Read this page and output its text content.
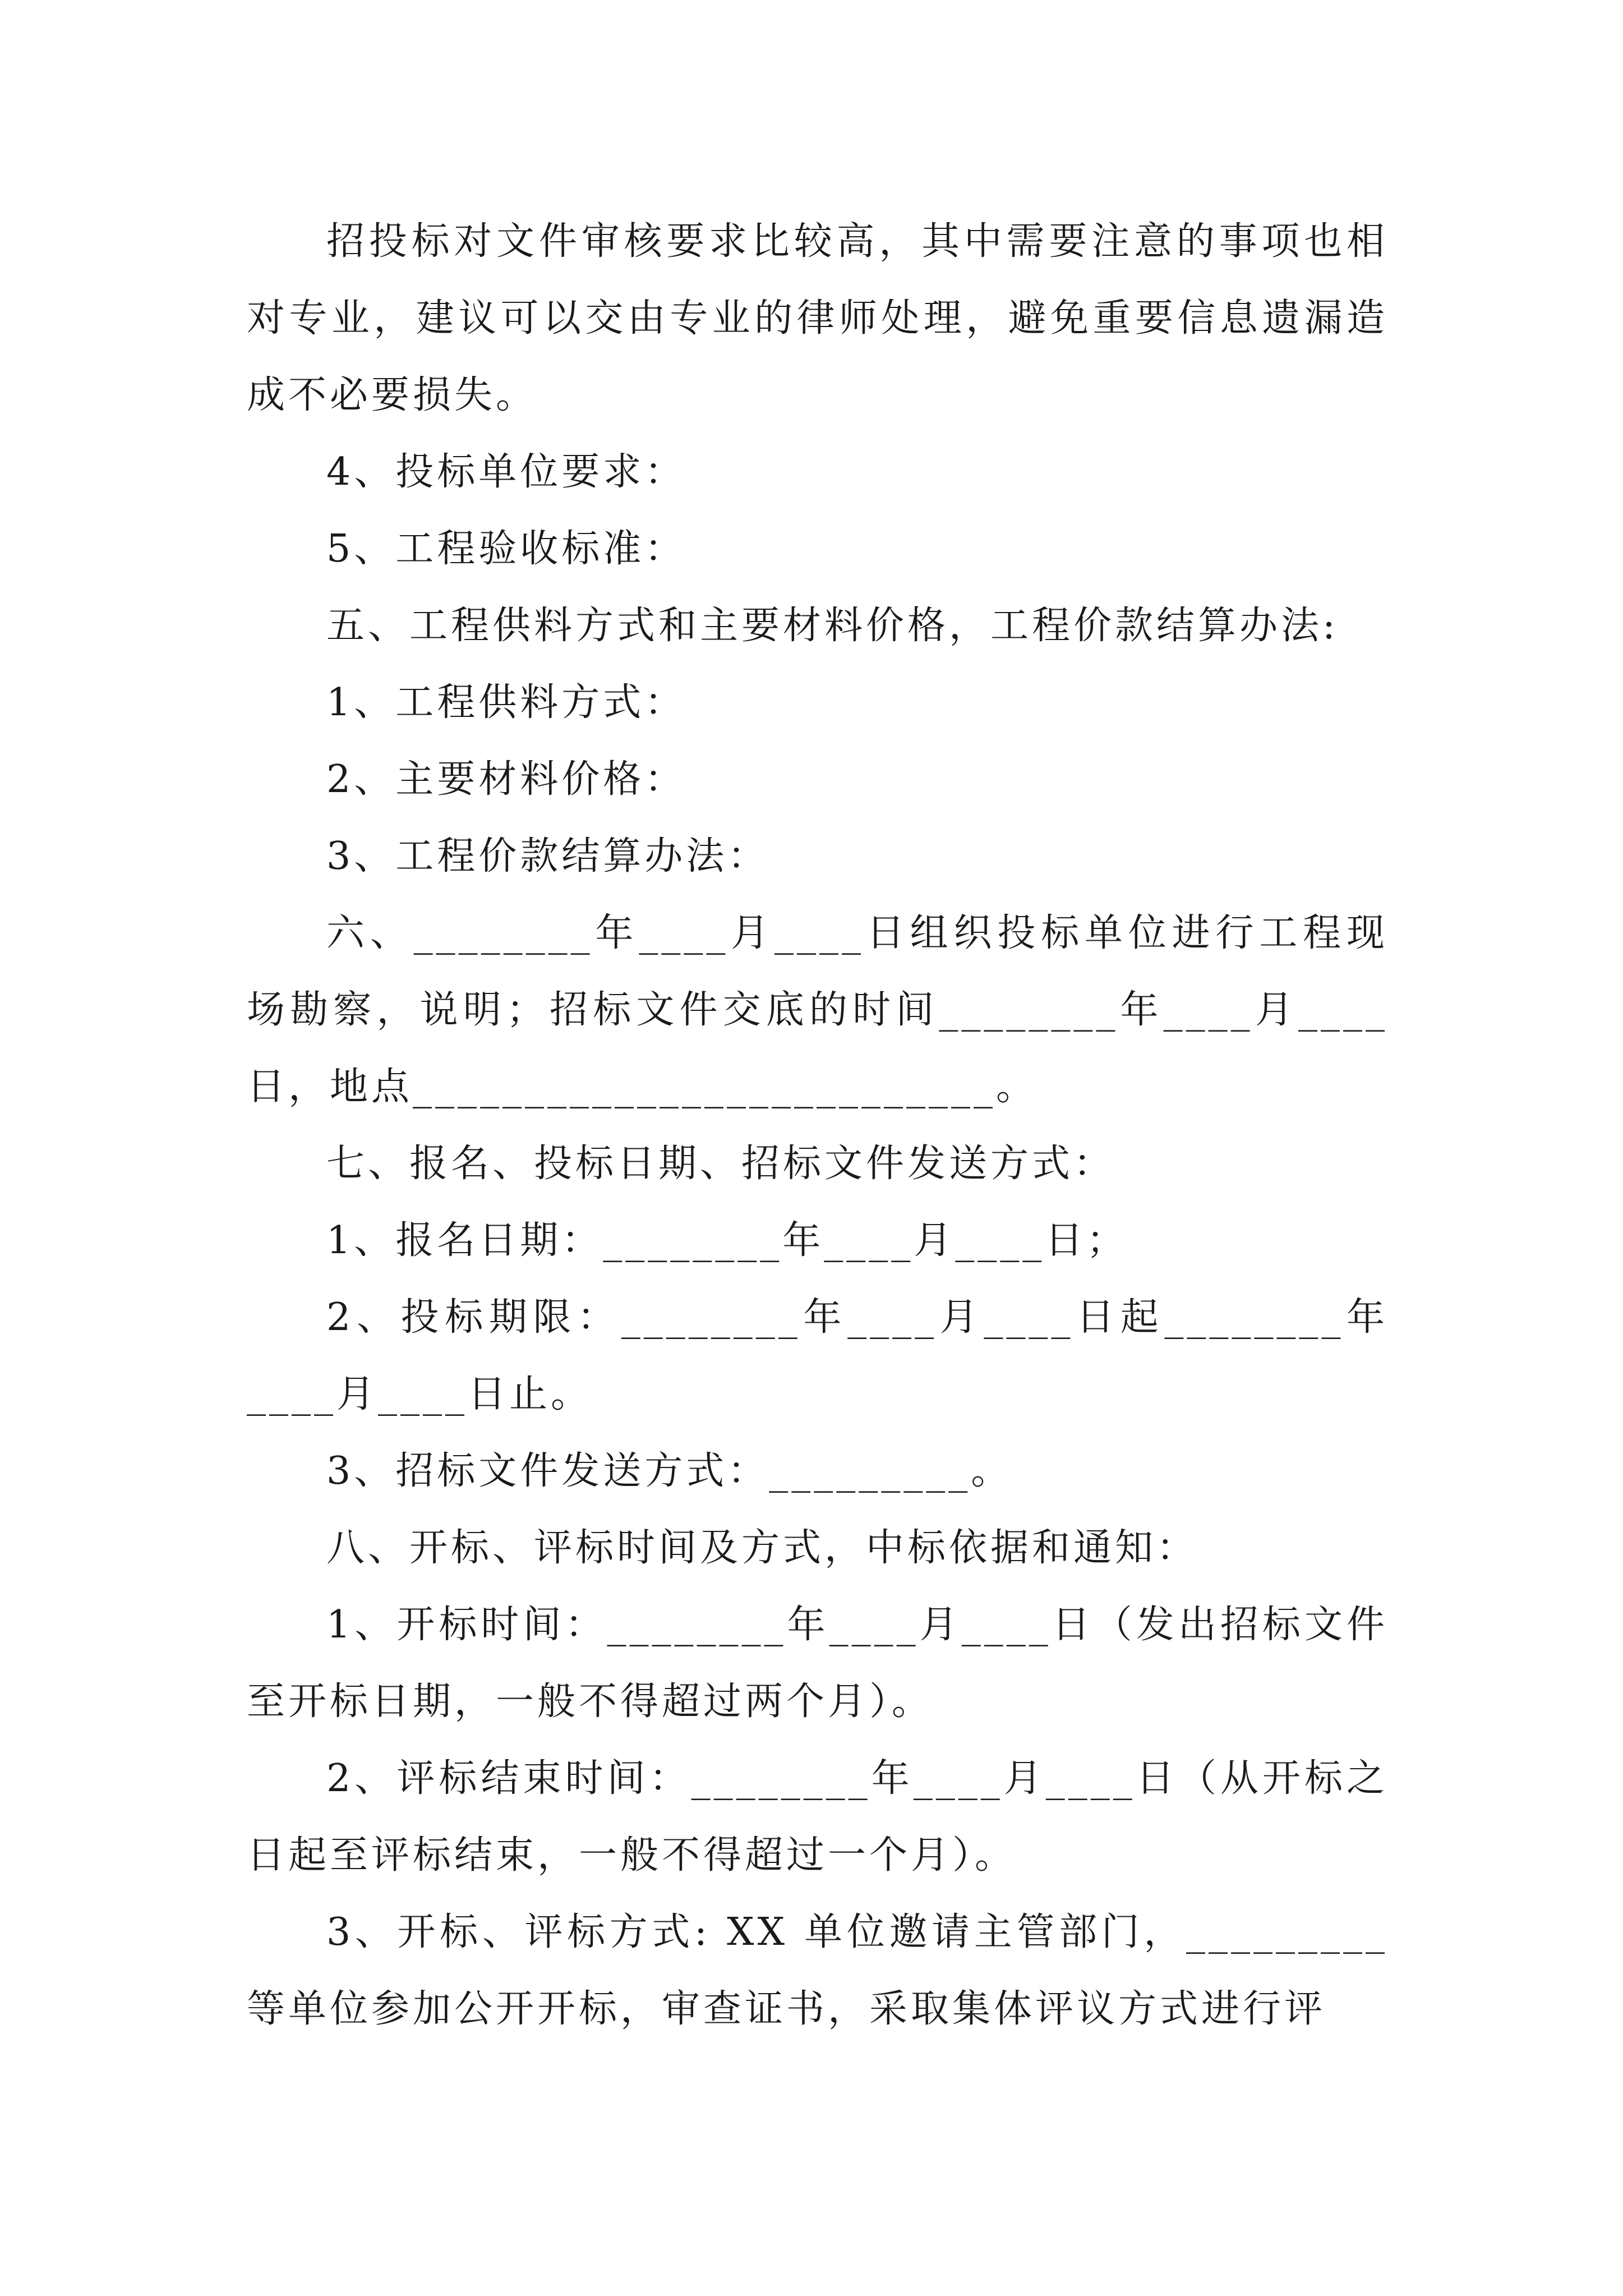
招投标对文件审核要求比较高，其中需要注意的事项也相对专业，建议可以交由专业的律师处理，避免重要信息遗漏造成不必要损失。

4、投标单位要求：

5、工程验收标准：

五、工程供料方式和主要材料价格，工程价款结算办法:

1、工程供料方式：

2、主要材料价格：

3、工程价款结算办法：

六、________年____月____日组织投标单位进行工程现场勘察，说明；招标文件交底的时间________年____月____日，地点__________________________。

七、报名、投标日期、招标文件发送方式：

1、报名日期：________年____月____日；

2、投标期限：________年____月____日起________年____月____日止。

3、招标文件发送方式：_________。

八、开标、评标时间及方式，中标依据和通知：

1、开标时间：________年____月____日（发出招标文件至开标日期，一般不得超过两个月）。

2、评标结束时间：________年____月____日（从开标之日起至评标结束，一般不得超过一个月）。

3、开标、评标方式: XX 单位邀请主管部门，_________等单位参加公开开标，审查证书，采取集体评议方式进行评
